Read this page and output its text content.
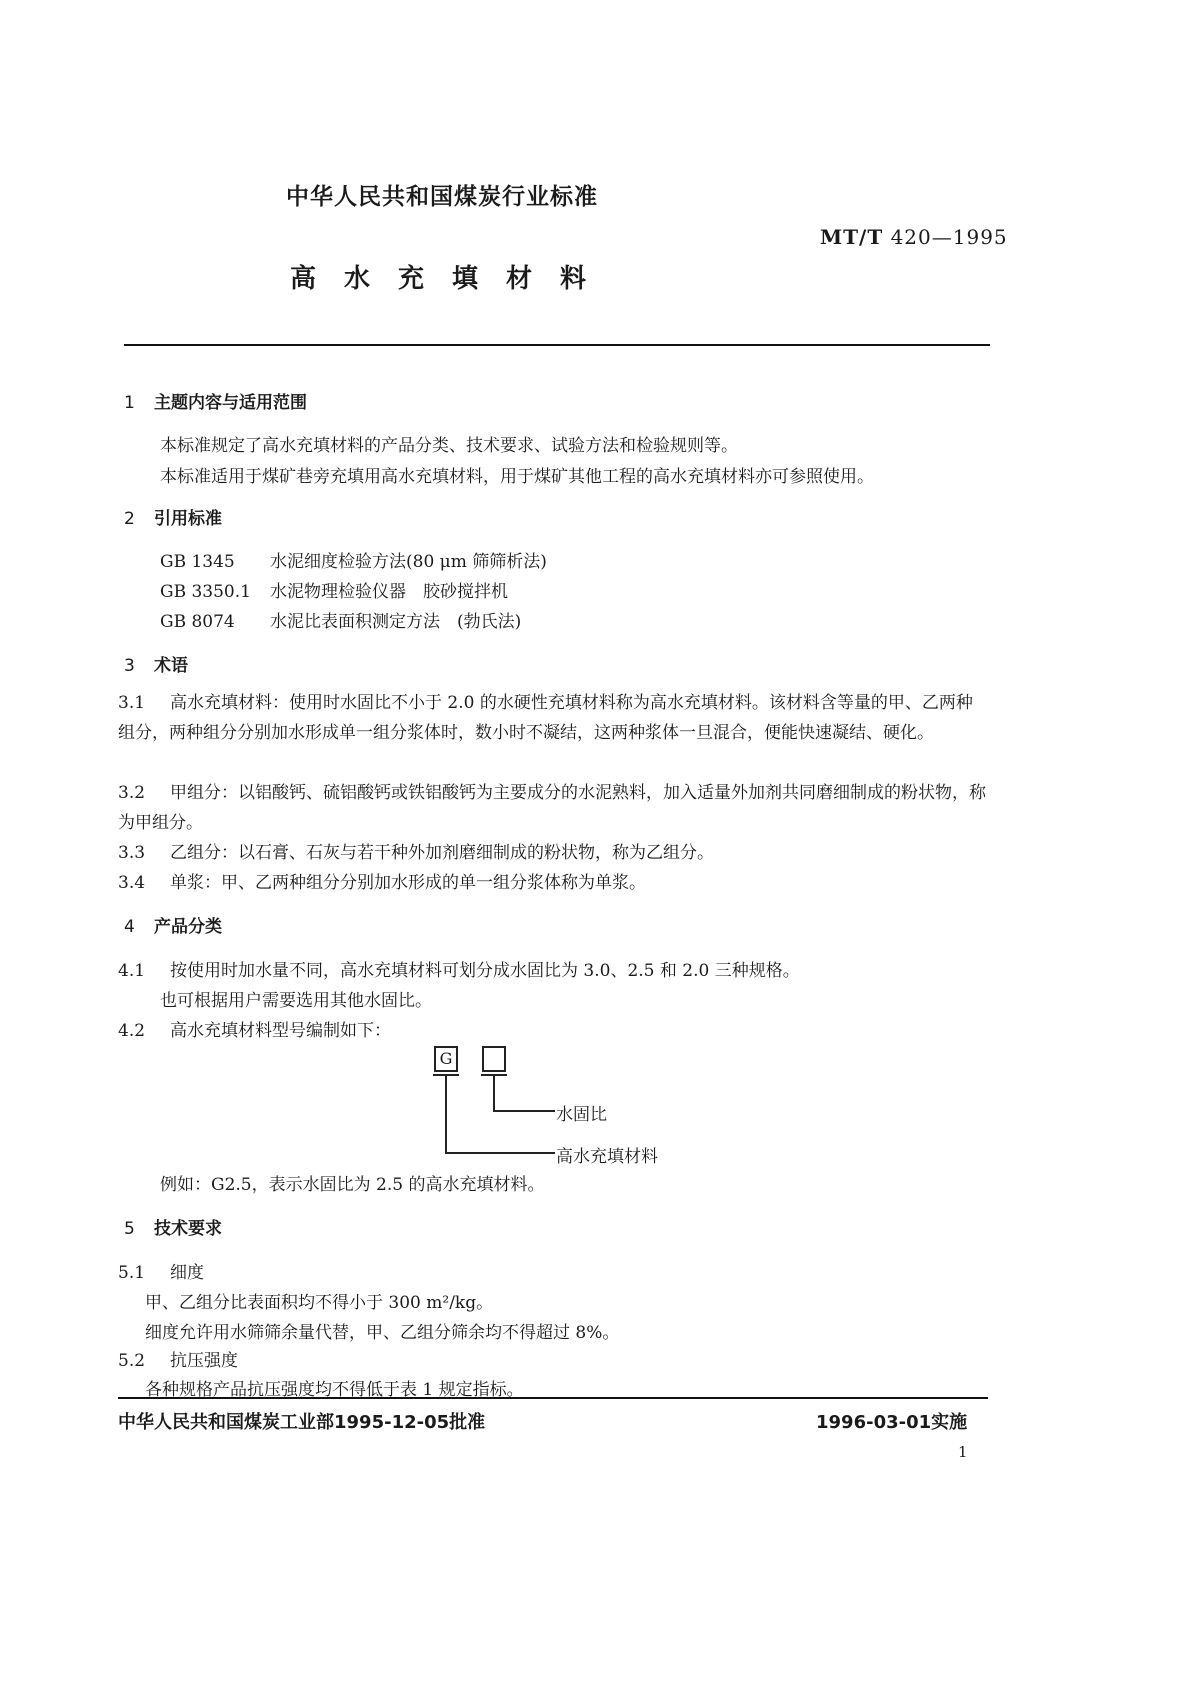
中华人民共和国煤炭行业标准
MT/T 420—1995
高水充填材料
1 主题内容与适用范围
本标准规定了高水充填材料的产品分类、技术要求、试验方法和检验规则等。
本标准适用于煤矿巷旁充填用高水充填材料，用于煤矿其他工程的高水充填材料亦可参照使用。
2 引用标准
GB 1345 水泥细度检验方法(80 μm 筛筛析法)
GB 3350.1 水泥物理检验仪器　胶砂搅拌机
GB 8074 水泥比表面积测定方法　(勃氏法)
3 术语
3.1 高水充填材料：使用时水固比不小于 2.0 的水硬性充填材料称为高水充填材料。该材料含等量的甲、乙两种组分，两种组分分别加水形成单一组分浆体时，数小时不凝结，这两种浆体一旦混合，便能快速凝结、硬化。
3.2 甲组分：以铝酸钙、硫铝酸钙或铁铝酸钙为主要成分的水泥熟料，加入适量外加剂共同磨细制成的粉状物，称为甲组分。
3.3 乙组分：以石膏、石灰与若干种外加剂磨细制成的粉状物，称为乙组分。
3.4 单浆：甲、乙两种组分分别加水形成的单一组分浆体称为单浆。
4 产品分类
4.1 按使用时加水量不同，高水充填材料可划分成水固比为 3.0、2.5 和 2.0 三种规格。
也可根据用户需要选用其他水固比。
4.2 高水充填材料型号编制如下：
G
水固比
高水充填材料
例如：G2.5，表示水固比为 2.5 的高水充填材料。
5 技术要求
5.1 细度
甲、乙组分比表面积均不得小于 300 m²/kg。
细度允许用水筛筛余量代替，甲、乙组分筛余均不得超过 8%。
5.2 抗压强度
各种规格产品抗压强度均不得低于表 1 规定指标。
中华人民共和国煤炭工业部1995-12-05批准	1996-03-01实施
1
